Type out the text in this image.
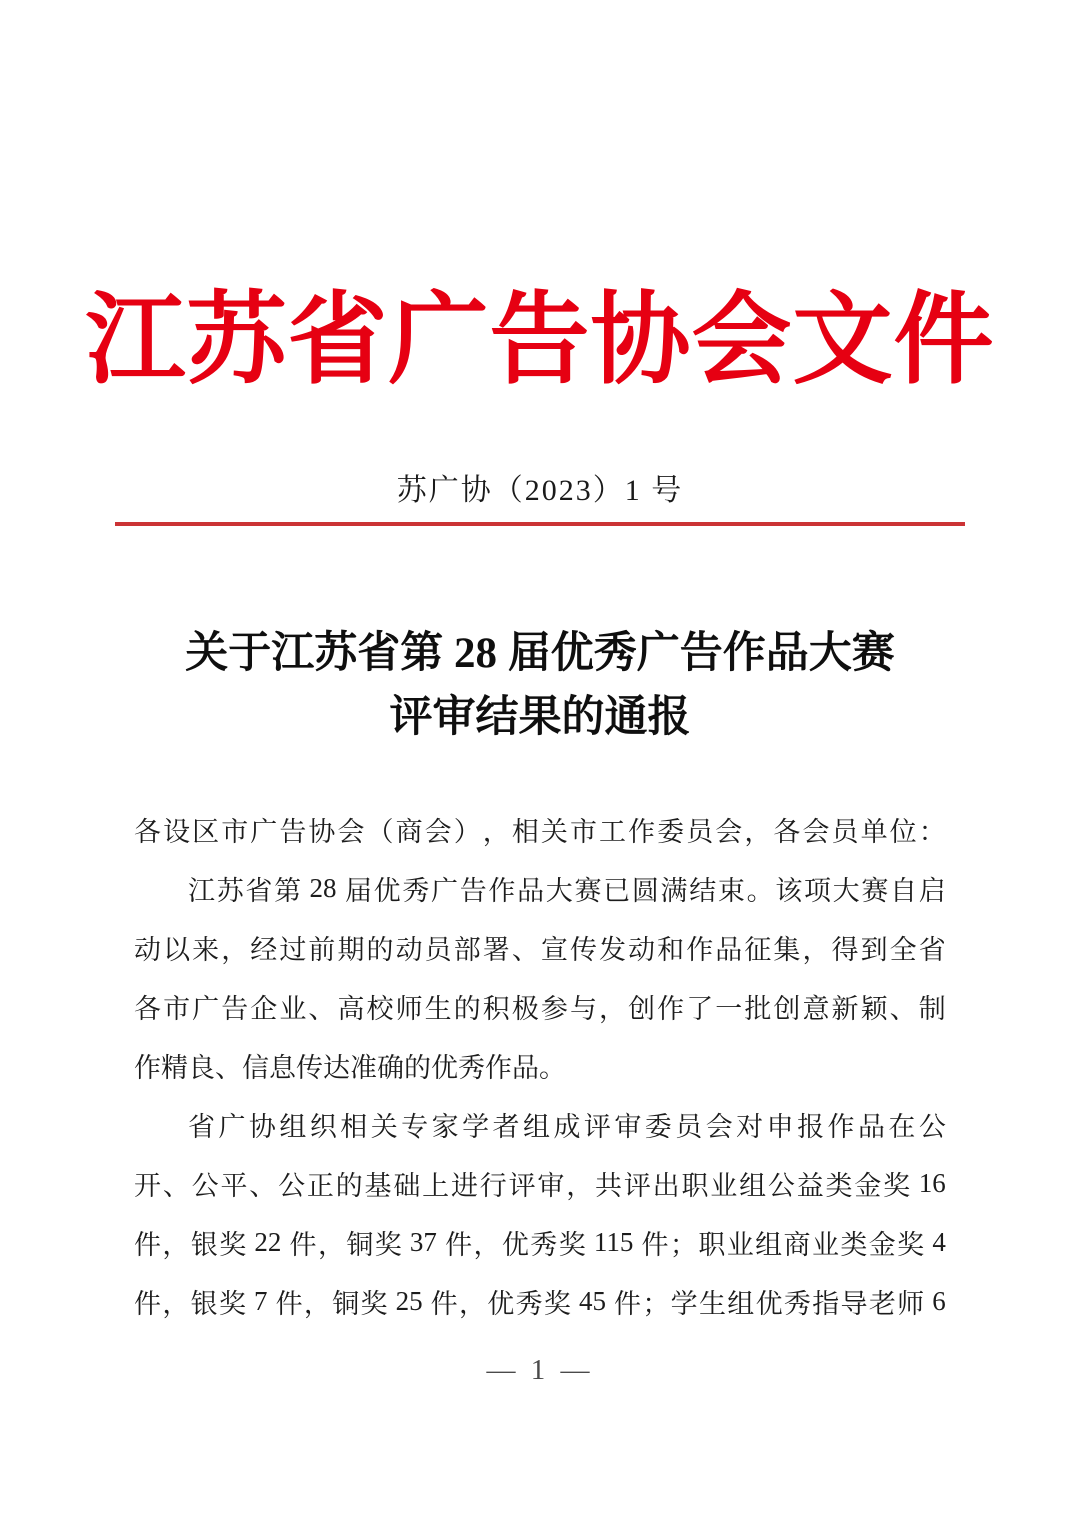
江苏省广告协会文件
苏广协（2023）1 号
关于江苏省第 28 届优秀广告作品大赛
评审结果的通报
各 设 区 市 广 告 协 会 （ 商 会 ） ， 相 关 市 工 作 委 员 会 ， 各 会 员 单 位 ：
江 苏 省 第 28 届 优 秀 广 告 作 品 大 赛 已 圆 满 结 束 。 该 项 大 赛 自 启
动 以 来 ， 经 过 前 期 的 动 员 部 署 、 宣 传 发 动 和 作 品 征 集 ， 得 到 全 省
各 市 广 告 企 业 、 高 校 师 生 的 积 极 参 与 ， 创 作 了 一 批 创 意 新 颖 、 制
作 精 良 、 信 息 传 达 准 确 的 优 秀 作 品 。
省 广 协 组 织 相 关 专 家 学 者 组 成 评 审 委 员 会 对 申 报 作 品 在 公
开 、 公 平 、 公 正 的 基 础 上 进 行 评 审 ， 共 评 出 职 业 组 公 益 类 金 奖 16
件 ， 银 奖 22 件 ， 铜 奖 37 件 ， 优 秀 奖 115 件 ； 职 业 组 商 业 类 金 奖 4
件 ， 银 奖 7 件 ， 铜 奖 25 件 ， 优 秀 奖 45 件 ； 学 生 组 优 秀 指 导 老 师 6
— 1 —
